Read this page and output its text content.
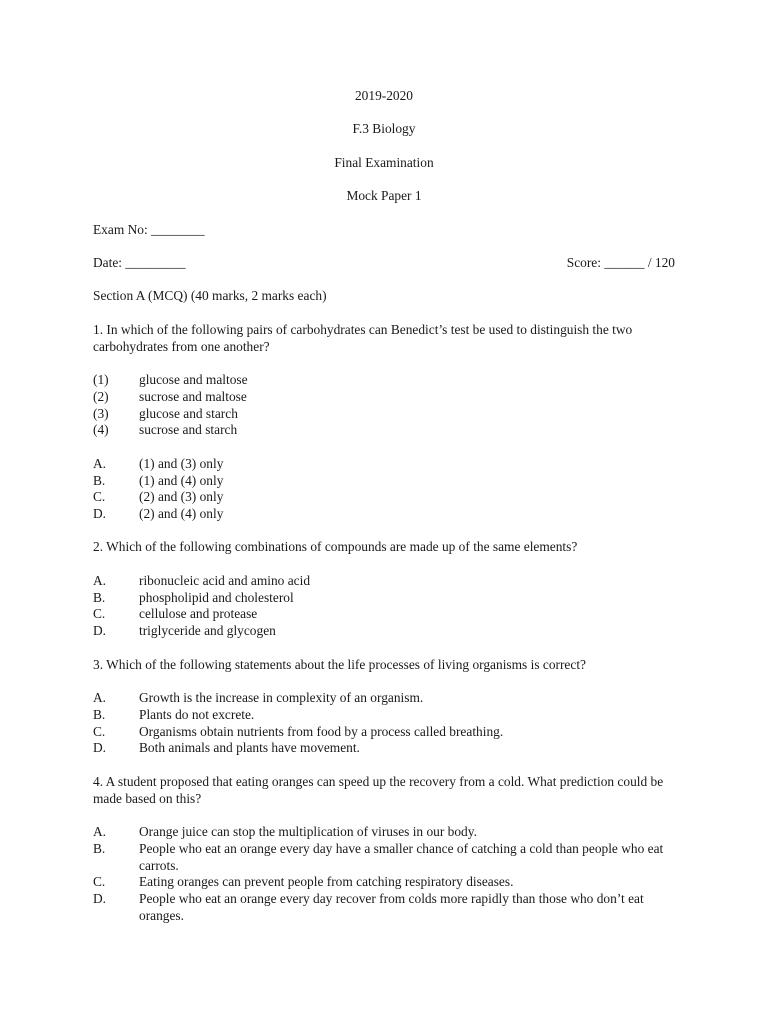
2019-2020
F.3 Biology
Final Examination
Mock Paper 1
Exam No: ________
Date: _________	Score: ______ / 120
Section A (MCQ) (40 marks, 2 marks each)
1. In which of the following pairs of carbohydrates can Benedict’s test be used to distinguish the two carbohydrates from one another?
(1)	glucose and maltose
(2)	sucrose and maltose
(3)	glucose and starch
(4)	sucrose and starch
A.	(1) and (3) only
B.	(1) and (4) only
C.	(2) and (3) only
D.	(2) and (4) only
2. Which of the following combinations of compounds are made up of the same elements?
A.	ribonucleic acid and amino acid
B.	phospholipid and cholesterol
C.	cellulose and protease
D.	triglyceride and glycogen
3. Which of the following statements about the life processes of living organisms is correct?
A.	Growth is the increase in complexity of an organism.
B.	Plants do not excrete.
C.	Organisms obtain nutrients from food by a process called breathing.
D.	Both animals and plants have movement.
4. A student proposed that eating oranges can speed up the recovery from a cold. What prediction could be made based on this?
A.	Orange juice can stop the multiplication of viruses in our body.
B.	People who eat an orange every day have a smaller chance of catching a cold than people who eat carrots.
C.	Eating oranges can prevent people from catching respiratory diseases.
D.	People who eat an orange every day recover from colds more rapidly than those who don’t eat oranges.
